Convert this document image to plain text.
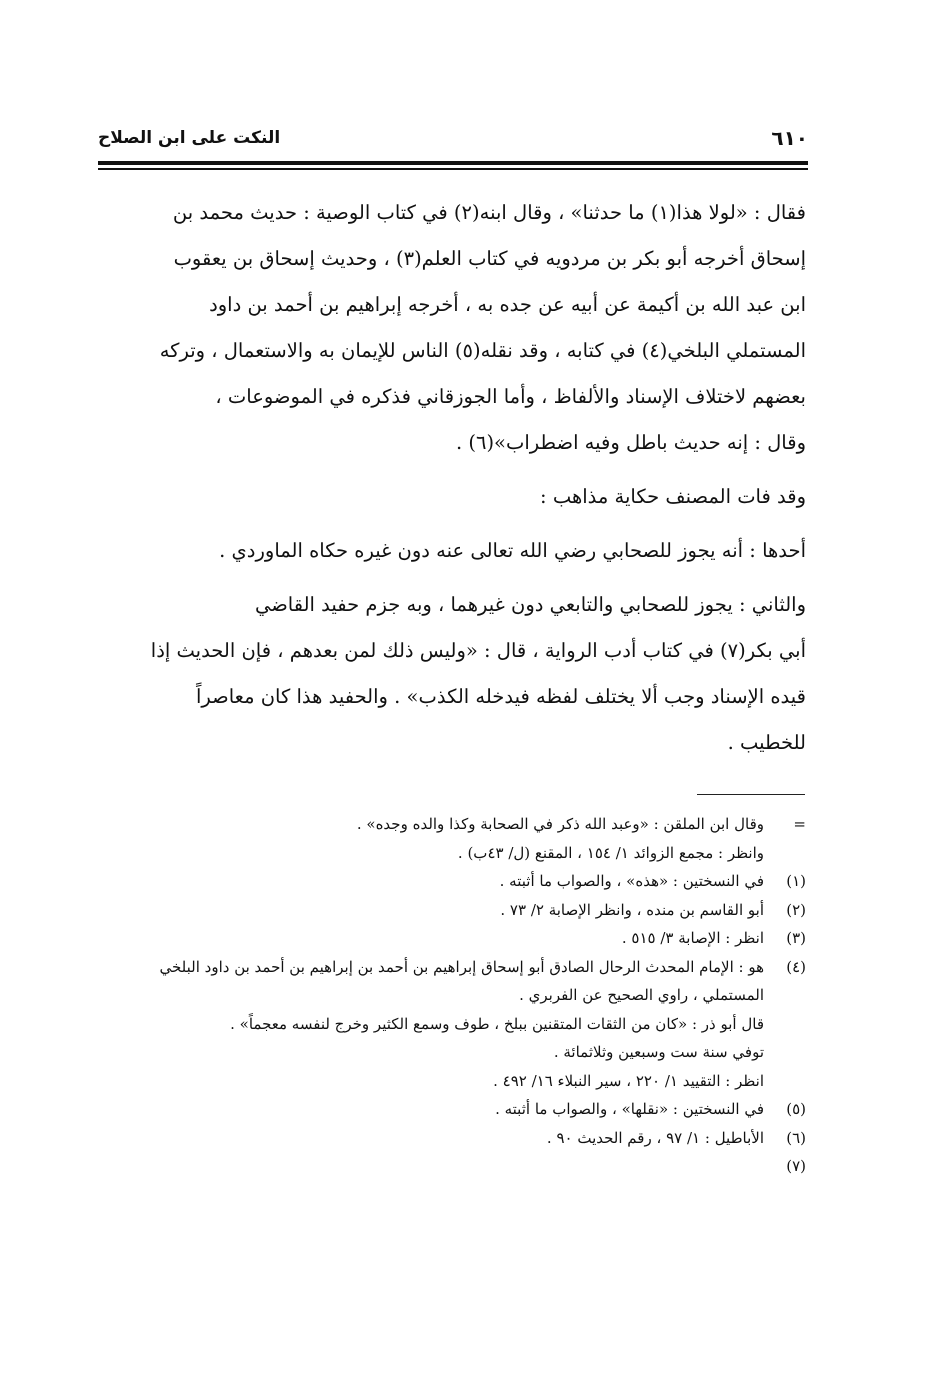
٦١٠
النكت على ابن الصلاح

فقال : «لولا هذا(١) ما حدثنا» ، وقال ابنه(٢) في كتاب الوصية : حديث محمد بن
إسحاق أخرجه أبو بكر بن مردويه في كتاب العلم(٣) ، وحديث إسحاق بن يعقوب
ابن عبد الله بن أكيمة عن أبيه عن جده به ، أخرجه إبراهيم بن أحمد بن داود
المستملي البلخي(٤) في كتابه ، وقد نقله(٥) الناس للإيمان به والاستعمال ، وتركه
بعضهم لاختلاف الإسناد والألفاظ ، وأما الجوزقاني فذكره في الموضوعات ،
وقال : إنه حديث باطل وفيه اضطراب»(٦) .

وقد فات المصنف حكاية مذاهب :

أحدها : أنه يجوز للصحابي رضي الله تعالى عنه دون غيره حكاه الماوردي .

والثاني : يجوز للصحابي والتابعي دون غيرهما ، وبه جزم حفيد القاضي
أبي بكر(٧) في كتاب أدب الرواية ، قال : «وليس ذلك لمن بعدهم ، فإن الحديث إذا
قيده الإسناد وجب ألا يختلف لفظه فيدخله الكذب» . والحفيد هذا كان معاصراً
للخطيب .

=
وقال ابن الملقن : «وعبد الله ذكر في الصحابة وكذا والده وجده» .
وانظر : مجمع الزوائد ١/ ١٥٤ ، المقنع (ل/ ٤٣ب) .
(١)
في النسختين : «هذه» ، والصواب ما أثبته .
(٢)
أبو القاسم بن منده ، وانظر الإصابة ٢/ ٧٣ .
(٣)
انظر : الإصابة ٣/ ٥١٥ .
(٤)
هو : الإمام المحدث الرحال الصادق أبو إسحاق إبراهيم بن أحمد بن إبراهيم بن أحمد بن داود البلخي المستملي ، راوي الصحيح عن الفربري .
قال أبو ذر : «كان من الثقات المتقنين ببلخ ، طوف وسمع الكثير وخرج لنفسه معجماً» .
توفي سنة ست وسبعين وثلاثمائة .
انظر : التقييد ١/ ٢٢٠ ، سير النبلاء ١٦/ ٤٩٢ .
(٥)
في النسختين : «نقلها» ، والصواب ما أثبته .
(٦)
الأباطيل : ١/ ٩٧ ، رقم الحديث ٩٠ .
(٧)
